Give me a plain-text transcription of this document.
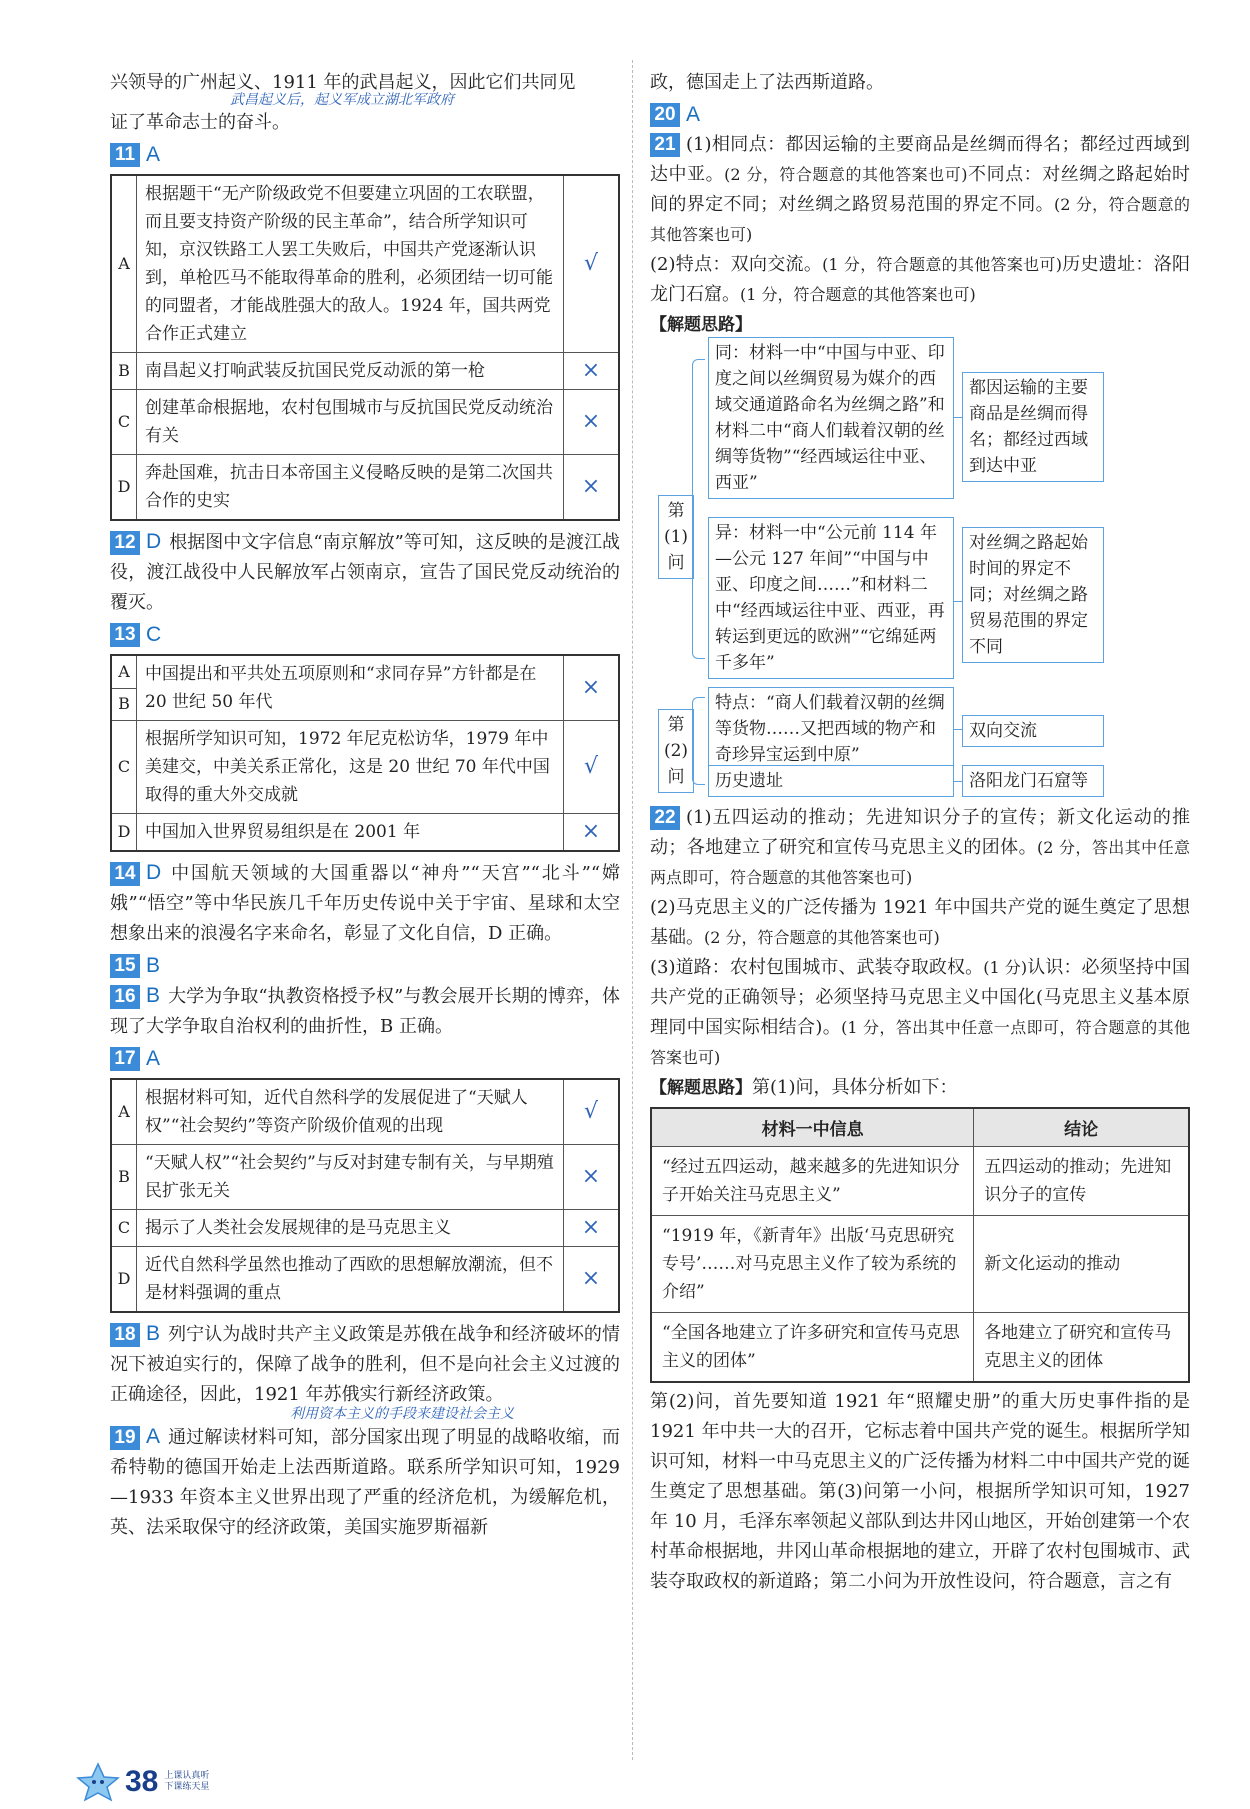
兴领导的广州起义、1911 年的武昌起义，因此它们共同见

武昌起义后，起义军成立湖北军政府

证了革命志士的奋斗。

11 A
A	根据题干“无产阶级政党不但要建立巩固的工农联盟，而且要支持资产阶级的民主革命”，结合所学知识可知，京汉铁路工人罢工失败后，中国共产党逐渐认识到，单枪匹马不能取得革命的胜利，必须团结一切可能的同盟者，才能战胜强大的敌人。1924 年，国共两党合作正式建立	√
B	南昌起义打响武装反抗国民党反动派的第一枪	×
C	创建革命根据地，农村包围城市与反抗国民党反动统治有关	×
D	奔赴国难，抗击日本帝国主义侵略反映的是第二次国共合作的史实	×

12 D 根据图中文字信息“南京解放”等可知，这反映的是渡江战役，渡江战役中人民解放军占领南京，宣告了国民党反动统治的覆灭。

13 C
A	中国提出和平共处五项原则和“求同存异”方针都是在 20 世纪 50 年代	×
B		
C	根据所学知识可知，1972 年尼克松访华，1979 年中美建交，中美关系正常化，这是 20 世纪 70 年代中国取得的重大外交成就	√
D	中国加入世界贸易组织是在 2001 年	×

14 D 中国航天领域的大国重器以“神舟”“天宫”“北斗”“嫦娥”“悟空”等中华民族几千年历史传说中关于宇宙、星球和太空想象出来的浪漫名字来命名，彰显了文化自信，D 正确。

15 B

16 B 大学为争取“执教资格授予权”与教会展开长期的博弈，体现了大学争取自治权利的曲折性，B 正确。

17 A
A	根据材料可知，近代自然科学的发展促进了“天赋人权”“社会契约”等资产阶级价值观的出现	√
B	“天赋人权”“社会契约”与反对封建专制有关，与早期殖民扩张无关	×
C	揭示了人类社会发展规律的是马克思主义	×
D	近代自然科学虽然也推动了西欧的思想解放潮流，但不是材料强调的重点	×

18 B 列宁认为战时共产主义政策是苏俄在战争和经济破坏的情况下被迫实行的，保障了战争的胜利，但不是向社会主义过渡的正确途径，因此，1921 年苏俄实行新经济政策。

利用资本主义的手段来建设社会主义

19 A 通过解读材料可知，部分国家出现了明显的战略收缩，而希特勒的德国开始走上法西斯道路。联系所学知识可知，1929—1933 年资本主义世界出现了严重的经济危机，为缓解危机，英、法采取保守的经济政策，美国实施罗斯福新

政，德国走上了法西斯道路。

20 A

21 (1)相同点：都因运输的主要商品是丝绸而得名；都经过西域到达中亚。(2 分，符合题意的其他答案也可)不同点：对丝绸之路起始时间的界定不同；对丝绸之路贸易范围的界定不同。(2 分，符合题意的其他答案也可)

(2)特点：双向交流。(1 分，符合题意的其他答案也可)历史遗址：洛阳龙门石窟。(1 分，符合题意的其他答案也可)

【解题思路】
第(1)问
同：材料一中“中国与中亚、印度之间以丝绸贸易为媒介的西域交通道路命名为丝绸之路”和材料二中“商人们载着汉朝的丝绸等货物”“经西域运往中亚、西亚”
都因运输的主要商品是丝绸而得名；都经过西域到达中亚
异：材料一中“公元前 114 年—公元 127 年间”“中国与中亚、印度之间……”和材料二中“经西域运往中亚、西亚，再转运到更远的欧洲”“它绵延两千多年”
对丝绸之路起始时间的界定不同；对丝绸之路贸易范围的界定不同
第(2)问
特点：“商人们载着汉朝的丝绸等货物……又把西域的物产和奇珍异宝运到中原”
双向交流
历史遗址	洛阳龙门石窟等

22 (1)五四运动的推动；先进知识分子的宣传；新文化运动的推动；各地建立了研究和宣传马克思主义的团体。(2 分，答出其中任意两点即可，符合题意的其他答案也可)

(2)马克思主义的广泛传播为 1921 年中国共产党的诞生奠定了思想基础。(2 分，符合题意的其他答案也可)

(3)道路：农村包围城市、武装夺取政权。(1 分)认识：必须坚持中国共产党的正确领导；必须坚持马克思主义中国化(马克思主义基本原理同中国实际相结合)。(1 分，答出其中任意一点即可，符合题意的其他答案也可)

【解题思路】第(1)问，具体分析如下：

材料一中信息	结论
“经过五四运动，越来越多的先进知识分子开始关注马克思主义”	五四运动的推动；先进知识分子的宣传
“1919 年，《新青年》出版‘马克思研究专号’……对马克思主义作了较为系统的介绍”	新文化运动的推动
“全国各地建立了许多研究和宣传马克思主义的团体”	各地建立了研究和宣传马克思主义的团体

第(2)问，首先要知道 1921 年“照耀史册”的重大历史事件指的是 1921 年中共一大的召开，它标志着中国共产党的诞生。根据所学知识可知，材料一中马克思主义的广泛传播为材料二中中国共产党的诞生奠定了思想基础。第(3)问第一小问，根据所学知识可知，1927 年 10 月，毛泽东率领起义部队到达井冈山地区，开始创建第一个农村革命根据地，井冈山革命根据地的建立，开辟了农村包围城市、武装夺取政权的新道路；第二小问为开放性设问，符合题意，言之有

38 上课认真听
下课练天星
